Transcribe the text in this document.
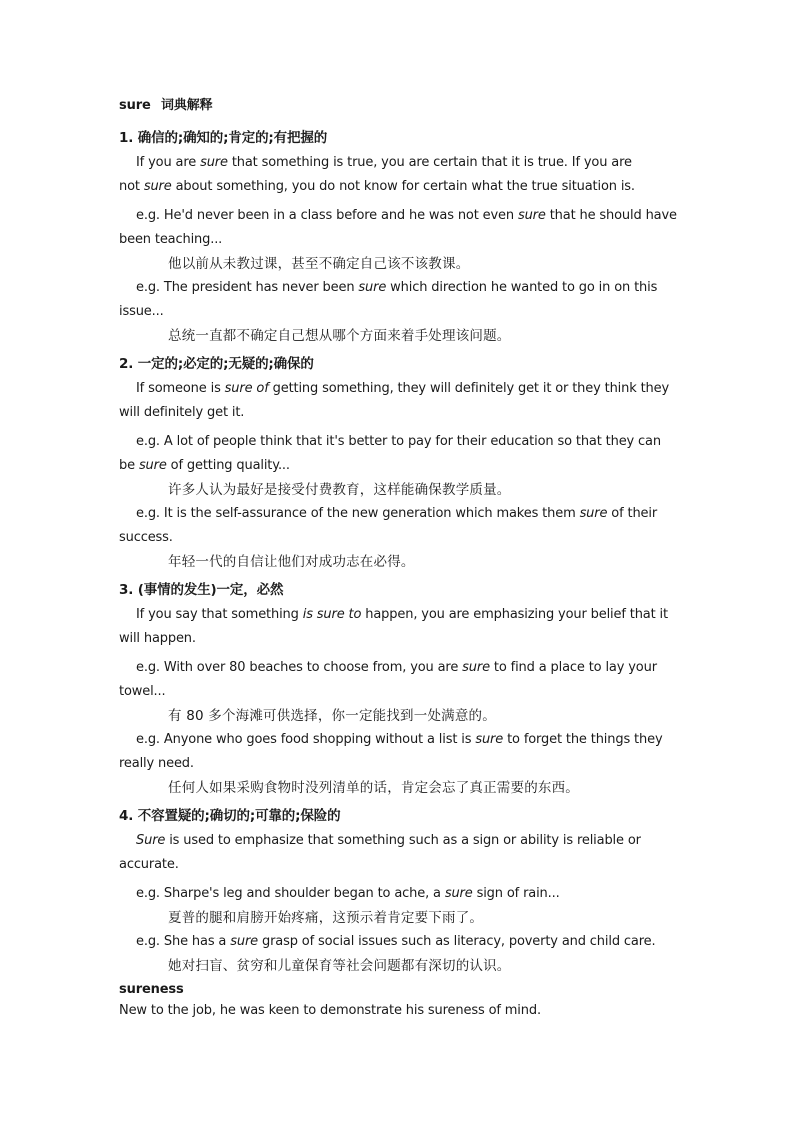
sure 词典解释
1. 确信的;确知的;肯定的;有把握的
If you are sure that something is true, you are certain that it is true. If you are
not sure about something, you do not know for certain what the true situation is.
e.g. He'd never been in a class before and he was not even sure that he should have
been teaching...
他以前从未教过课，甚至不确定自己该不该教课。
e.g. The president has never been sure which direction he wanted to go in on this
issue...
总统一直都不确定自己想从哪个方面来着手处理该问题。
2. 一定的;必定的;无疑的;确保的
If someone is sure of getting something, they will definitely get it or they think they
will definitely get it.
e.g. A lot of people think that it's better to pay for their education so that they can
be sure of getting quality...
许多人认为最好是接受付费教育，这样能确保教学质量。
e.g. It is the self-assurance of the new generation which makes them sure of their
success.
年轻一代的自信让他们对成功志在必得。
3. (事情的发生)一定，必然
If you say that something is sure to happen, you are emphasizing your belief that it
will happen.
e.g. With over 80 beaches to choose from, you are sure to find a place to lay your
towel...
有 80 多个海滩可供选择，你一定能找到一处满意的。
e.g. Anyone who goes food shopping without a list is sure to forget the things they
really need.
任何人如果采购食物时没列清单的话，肯定会忘了真正需要的东西。
4. 不容置疑的;确切的;可靠的;保险的
Sure is used to emphasize that something such as a sign or ability is reliable or
accurate.
e.g. Sharpe's leg and shoulder began to ache, a sure sign of rain...
夏普的腿和肩膀开始疼痛，这预示着肯定要下雨了。
e.g. She has a sure grasp of social issues such as literacy, poverty and child care.
她对扫盲、贫穷和儿童保育等社会问题都有深切的认识。
sureness
New to the job, he was keen to demonstrate his sureness of mind.
